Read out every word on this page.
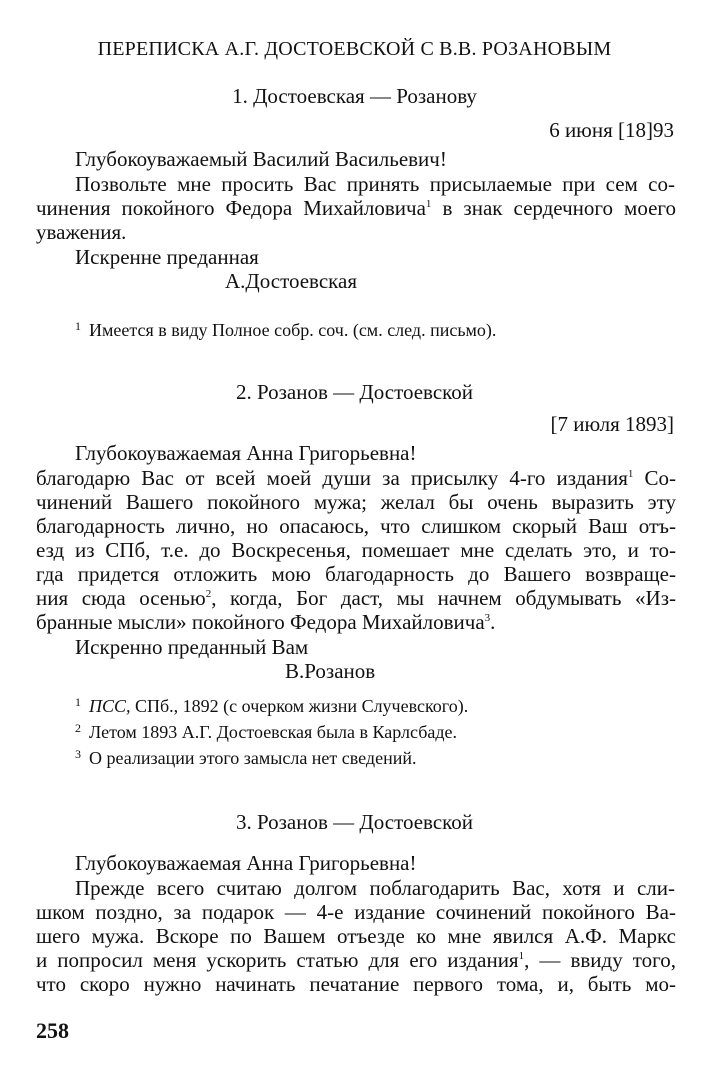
ПЕРЕПИСКА А.Г. ДОСТОЕВСКОЙ С В.В. РОЗАНОВЫМ
1. Достоевская — Розанову
6 июня [18]93
Глубокоуважаемый Василий Васильевич!
Позвольте мне просить Вас принять присылаемые при сем со-
чинения покойного Федора Михайловича$^1$ в знак сердечного моего
уважения.
Искренне преданная
А.Достоевская
$^1$ Имеется в виду Полное собр. соч. (см. след. письмо).
2. Розанов — Достоевской
[7 июля 1893]
Глубокоуважаемая Анна Григорьевна!
благодарю Вас от всей моей души за присылку 4-го издания$^1$ Со-
чинений Вашего покойного мужа; желал бы очень выразить эту
благодарность лично, но опасаюсь, что слишком скорый Ваш отъ-
езд из СПб, т.е. до Воскресенья, помешает мне сделать это, и то-
гда придется отложить мою благодарность до Вашего возвраще-
ния сюда осенью$^2$, когда, Бог даст, мы начнем обдумывать «Из-
бранные мысли» покойного Федора Михайловича$^3$.
Искренно преданный Вам
В.Розанов
$^1$ ПСС, СПб., 1892 (с очерком жизни Случевского).
$^2$ Летом 1893 А.Г. Достоевская была в Карлсбаде.
$^3$ О реализации этого замысла нет сведений.
3. Розанов — Достоевской
Глубокоуважаемая Анна Григорьевна!
Прежде всего считаю долгом поблагодарить Вас, хотя и сли-
шком поздно, за подарок — 4-е издание сочинений покойного Ва-
шего мужа. Вскоре по Вашем отъезде ко мне явился А.Ф. Маркс
и попросил меня ускорить статью для его издания$^1$, — ввиду того,
что скоро нужно начинать печатание первого тома, и, быть мо-
258
